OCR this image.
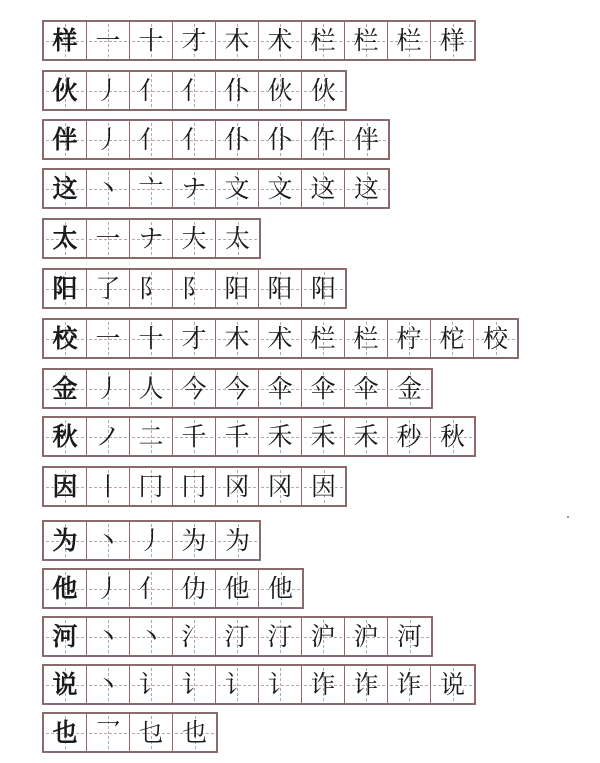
样 一 十 才 木 术 栏 栏 栏 样
伙 丿 亻 亻 仆 伙 伙
伴 丿 亻 亻 仆 仆 仵 伴
这 丶 亠 ナ 文 文 这 这
太 一 ナ 大 太
阳 了 阝 阝 阳 阳 阳
校 一 十 才 木 术 栏 栏 柠 柁 校
金 丿 人 今 今 伞 伞 伞 金
秋 ノ 二 千 千 禾 禾 禾 秒 秋
因 丨 冂 冂 冈 冈 因
为 丶 丿 为 为
他 丿 亻 仂 他 他
河 丶 丶 氵 汀 汀 沪 沪 河
说 丶 讠 讠 讠 讠 诈 诈 诈 说
也 乛 乜 也
